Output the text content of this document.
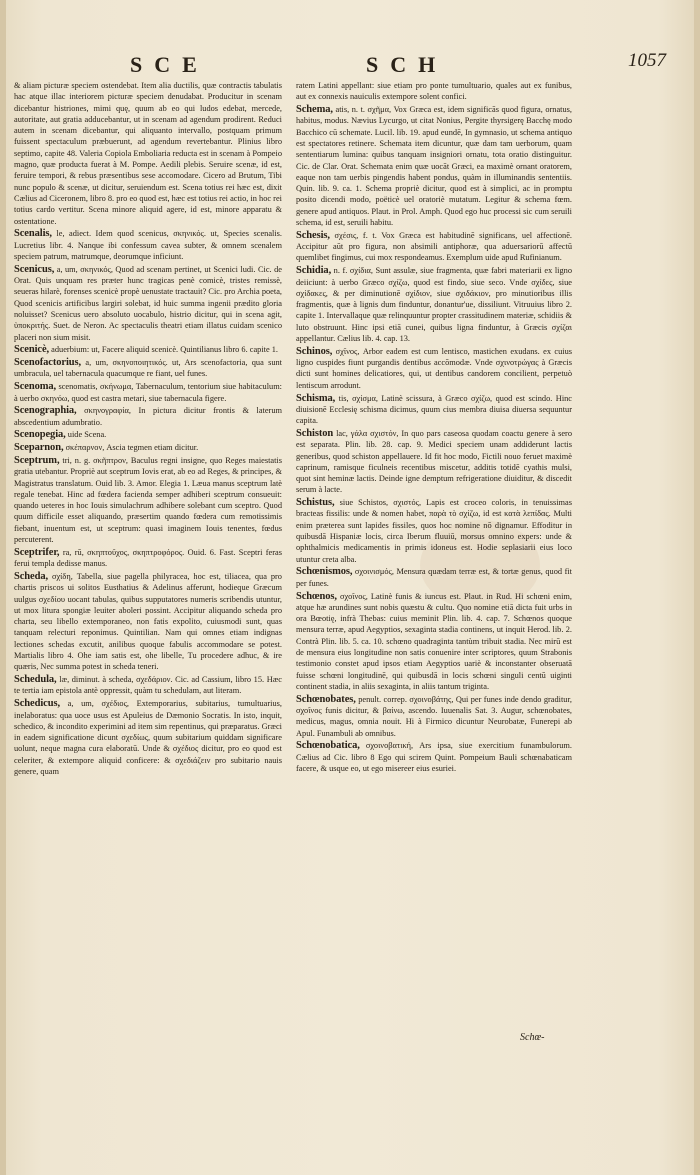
SCE	SCH	1057

& aliam picturæ speciem ostendebat. Item alia ductilis, quæ contractis tabulatis hac atque illac interiorem picturæ speciem denudabat. Producitur in scenam dicebantur histriones, mimi quę, quum ab eo qui ludos edebat, mercede, autoritate, aut gratia adducebantur, ut in scenam ad agendum prodirent. Reduci autem in scenam dicebantur, qui aliquanto intervallo, postquam primum fuissent spectaculum præbuerunt, ad agendum revertebantur. Plinius libro septimo, capite 48. Valeria Copiola Emboliaria reducta est in scenam à Pompeio magno, quæ producta fuerat à M. Pompe. Aedili plebis. Seruire scenæ, id est, feruire tempori, & rebus præsentibus sese accomodare. Cicero ad Brutum, Tibi nunc populo & scenæ, ut dicitur, seruiendum est. Scena totius rei hæc est, dixit Cælius ad Ciceronem, libro 8. pro eo quod est, hæc est totius rei actio, in hoc rei totius cardo vertitur. Scena minore aliquid agere, id est, minore apparatu & ostentatione.

Scenalis, le, adiect. Idem quod scenicus, σκηνικός. ut, Species scenalis. Lucretius libr. 4. Nanque ibi confessum cavea subter, & omnem scenalem speciem patrum, matrumque, deorumque inficiunt.

Scenicus, a, um, σκηνικός, Quod ad scenam pertinet, ut Scenici ludi. Cic. de Orat. Quis unquam res præter hunc tragicas penè comicè, tristes remissè, seueras hilarè, forenses scenicè propè uenustate tractauit? Cic. pro Archia poeta, Quod scenicis artificibus largiri solebat, id huic summa ingenii prædito gloria noluisset? Scenicus uero absoluto uocabulo, histrio dicitur, qui in scena agit, ὑποκριτής. Suet. de Neron. Ac spectaculis theatri etiam illatus cuidam scenico placeri non sium misit.

Scenicè, aduerbium: ut, Facere aliquid scenicè. Quintilianus libro 6. capite 1.

Scenofactorius, a, um, σκηνοποιητικός. ut, Ars scenofactoria, qua sunt umbracula, uel tabernacula quacumque re fiant, uel funes.

Scenoma, scenomatis, σκήνωμα, Tabernaculum, tentorium siue habitaculum: à uerbo σκηνόω, quod est castra metari, siue tabernacula figere.

Scenographia, σκηνογραφία, In pictura dicitur frontis & laterum abscedentium adumbratio.

Scenopegia, uide Scena.

Sceparnon, σκέπαρνον, Ascia tegmen etiam dicitur.

Sceptrum, tri, n. g. σκῆπτρον, Baculus regni insigne, quo Reges maiestatis gratia utebantur. Propriè aut sceptrum Iovis erat, ab eo ad Reges, & principes, & Magistratus translatum. Ouid lib. 3. Amor. Elegia 1. Læua manus sceptrum latè regale tenebat. Hinc ad fœdera facienda semper adhiberi sceptrum consueuit: quando ueteres in hoc Iouis simulachrum adhibere solebant cum sceptro. Quod quum difficile esset aliquando, præsertim quando fœdera cum remotissimis fiebant, inuentum est, ut sceptrum: quasi imaginem Iouis tenentes, fœdus percuterent.

Sceptrifer, ra, rū, σκηπτοῦχος, σκηπτροφόρος. Ouid. 6. Fast. Sceptri feras ferui templa dedisse manus.

Scheda, σχίδη, Tabella, siue pagella philyracea, hoc est, tiliacea, qua pro chartis priscos ui solitos Eusthatius & Adelinus afferunt, hodieque Græcum uulgus σχεδίου uocant tabulas, quibus supputatores numeris scribendis utuntur, ut mox litura spongiæ leuiter aboleri possint. Accipitur aliquando scheda pro charta, seu libello extemporaneo, non fatis expolito, cuiusmodi sunt, quas tanquam relecturi reponimus. Quintilian. Nam qui omnes etiam indignas lectiones schedas excutit, anilibus quoque fabulis accommodare se potest. Martialis libro 4. Ohe iam satis est, ohe libelle, Tu procedere adhuc, & ire quæris, Nec summa potest in scheda teneri.

Schedula, læ, diminut. à scheda, σχεδάριον. Cic. ad Cassium, libro 15. Hæc te tertia iam epistola antè oppressit, quàm tu schedulam, aut literam.

Schedicus, a, um, σχέδιος, Extemporarius, subitarius, tumultuarius, inelaboratus: qua uoce usus est Apuleius de Dæmonio Socratis. In isto, inquit, schedico, & incondito experimini ad item sim repentinus, qui præparatus. Græci in eadem significatione dicunt σχεδίως, quum subitarium quiddam significare uolunt, neque magna cura elaboratū. Unde & σχέδιος dicitur, pro eo quod est celeriter, & extempore aliquid conficere: & σχεδιάζειν pro subitario nauis genere, quam

ratem Latini appellant: siue etiam pro ponte tumultuario, quales aut ex funibus, aut ex connexis nauiculis extempore solent confici.

Schema, atis, n. t. σχῆμα, Vox Græca est, idem significās quod figura, ornatus, habitus, modus. Nævius Lycurgo, ut citat Nonius, Pergite thyrsigerę Bacchę modo Bacchico cū schemate. Lucil. lib. 19. apud eundē, In gymnasio, ut schema antiquo est spectatores retinere. Schemata item dicuntur, quæ dam tam uerborum, quam sententiarum lumina: quibus tanquam insigniori ornatu, tota oratio distinguitur. Cic. de Clar. Orat. Schemata enim quæ uocāt Græci, ea maximè ornant oratorem, eaque non tam uerbis pingendis habent pondus, quàm in illuminandis sententiis. Quin. lib. 9. ca. 1. Schema propriè dicitur, quod est à simplici, ac in promptu posito dicendi modo, poëticè uel oratoriè mutatum. Legitur & schema fœm. genere apud antiquos. Plaut. in Prol. Amph. Quod ego huc processi sic cum seruili schema, id est, seruili habitu.

Schesis, σχέσις, f. t. Vox Græca est habitudinē significans, uel affectionē. Accipitur aūt pro figura, non absimili antiphoræ, qua aduersariorū affectū quemlibet fingimus, cui mox respondeamus. Exemplum uide apud Rufinianum.

Schidia, n. f. σχίδια, Sunt assulæ, siue fragmenta, quæ fabri materiarii ex ligno deiiciunt: à uerbo Græco σχίζω, quod est findo, siue seco. Vnde σχίδες, siue σχίδακες, & per diminutionē σχίδιον, siue σχιδάκιον, pro minutioribus illis fragmentis, quæ à lignis dum finduntur, donantur'ue, dissiliunt. Vitruuius libro 2. capite 1. Intervallaque quæ relinquuntur propter crassitudinem materiæ, schidiis & luto obstruunt. Hinc ipsi etiā cunei, quibus ligna finduntur, à Græcis σχίζαι appellantur. Cælius lib. 4. cap. 13.

Schinos, σχῖνος, Arbor eadem est cum lentisco, mastichen exudans. ex cuius ligno cuspides fiunt purgandis dentibus accōmodæ. Vnde σχινοτρώγας à Græcis dicti sunt homines delicatiores, qui, ut dentibus candorem concilient, perpetuò lentiscum arrodunt.

Schisma, tis, σχίσμα, Latinè scissura, à Græco σχίζω, quod est scindo. Hinc diuisionē Ecclesię schisma dicimus, quum cius membra diuisa diuersa sequuntur capita.

Schiston lac, γάλα σχιστόν, In quo pars caseosa quodam coactu genere à sero est separata. Plin. lib. 28. cap. 9. Medici speciem unam addiderunt lactis generibus, quod schiston appellauere. Id fit hoc modo, Fictili nouo feruet maximè caprinum, ramisque ficulneis recentibus miscetur, additis totidē cyathis mulsi, quot sint heminæ lactis. Deinde igne demptum refrigeratione diuiditur, & discedit serum à lacte.

Schistus, siue Schistos, σχιστός, Lapis est croceo coloris, in tenuissimas bracteas fissilis: unde & nomen habet, παρὰ τὸ σχίζω, id est κατὰ λεπίδας. Multi enim præterea sunt lapides fissiles, quos hoc nomine nō dignamur. Effoditur in quibusdā Hispaniæ locis, circa Iberum fluuiū, morsus omnino expers: unde & ophthalmicis medicamentis in primis idoneus est. Hodie seplasiarii eius loco utuntur creta alba.

Schœnismos, σχοινισμός, Mensura quædam terræ est, & tortæ genus, quod fit per funes.

Schœnos, σχοῖνος, Latinè funis & iuncus est. Plaut. in Rud. Hi schœni enim, atque hæ arundines sunt nobis quæstu & cultu. Quo nomine etiā dicta fuit urbs in ora Bœotię, infrà Thebas: cuius meminit Plin. lib. 4. cap. 7. Schœnos quoque mensura terræ, apud Aegyptios, sexaginta stadia continens, ut inquit Herod. lib. 2. Contrà Plin. lib. 5. ca. 10. schœno quadraginta tantùm tribuit stadia. Nec mirū est de mensura eius longitudine non satis conuenire inter scriptores, quum Strabonis testimonio constet apud ipsos etiam Aegyptios uariè & inconstanter obseruatā fuisse schœni longitudinē, qui quibusdā in locis schœni singuli centū uiginti continent stadia, in aliis sexaginta, in aliis tantum triginta.

Schœnobates, penult. correp. σχοινοβάτης, Qui per funes inde dendo graditur, σχοῖνος funis dicitur, & βαίνω, ascendo. Iuuenalis Sat. 3. Augur, schœnobates, medicus, magus, omnia nouit. Hi à Firmico dicuntur Neurobatæ, Funerepi ab Apul. Funambuli ab omnibus.

Schœnobatica, σχοινοβατική, Ars ipsa, siue exercitium funambulorum. Cælius ad Cic. libro 8 Ego qui scirem Quint. Pompeium Bauli schœnabaticam facere, & usque eo, ut ego misereer eius esuriei.

Schœ-
